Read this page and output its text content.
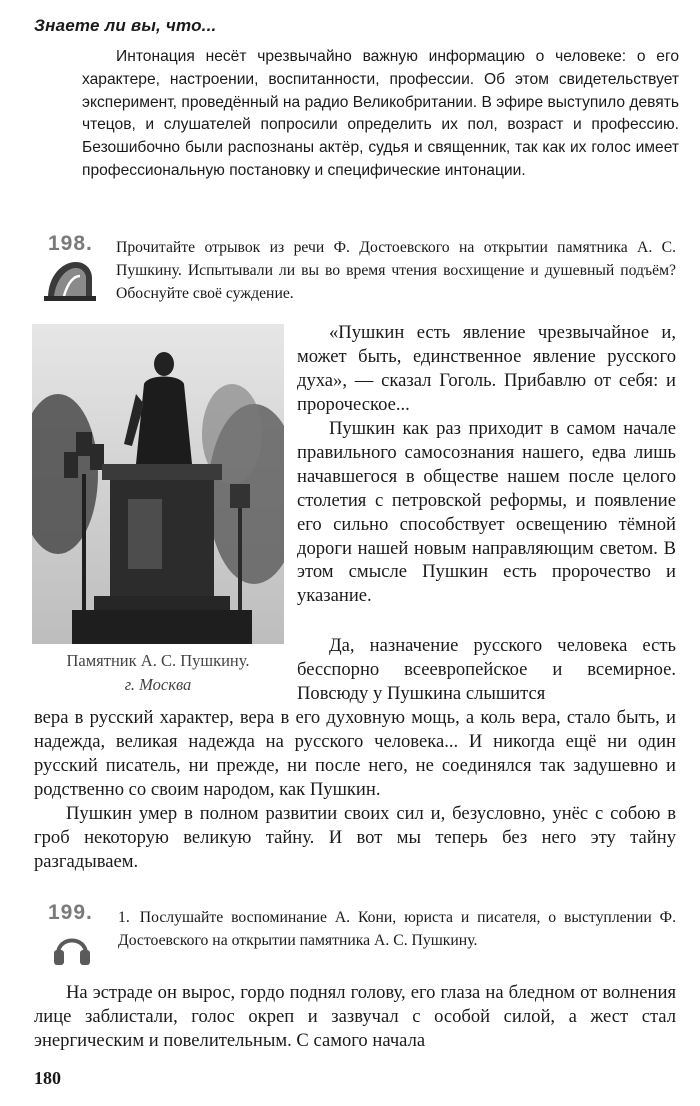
Знаете ли вы, что...

Интонация несёт чрезвычайно важную информацию о человеке: о его характере, настроении, воспитанности, профессии. Об этом свидетельствует эксперимент, проведённый на радио Великобритании. В эфире выступило девять чтецов, и слушателей попросили определить их пол, возраст и профессию. Безошибочно были распознаны актёр, судья и священник, так как их голос имеет профессиональную постановку и специфические интонации.

198. Прочитайте отрывок из речи Ф. Достоевского на открытии памятника А. С. Пушкину. Испытывали ли вы во время чтения восхищение и душевный подъём? Обоснуйте своё суждение.

Памятник А. С. Пушкину.
г. Москва

«Пушкин есть явление чрезвычайное и, может быть, единственное явление русского духа», — сказал Гоголь. Прибавлю от себя: и пророческое...

Пушкин как раз приходит в самом начале правильного самосознания нашего, едва лишь начавшегося в обществе нашем после целого столетия с петровской реформы, и появление его сильно способствует освещению тёмной дороги нашей новым направляющим светом. В этом смысле Пушкин есть пророчество и указание.

Да, назначение русского человека есть бесспорно всеевропейское и всемирное. Повсюду у Пушкина слышится

вера в русский характер, вера в его духовную мощь, а коль вера, стало быть, и надежда, великая надежда на русского человека... И никогда ещё ни один русский писатель, ни прежде, ни после него, не соединялся так задушевно и родственно со своим народом, как Пушкин.

Пушкин умер в полном развитии своих сил и, безусловно, унёс с собою в гроб некоторую великую тайну. И вот мы теперь без него эту тайну разгадываем.

199. 1. Послушайте воспоминание А. Кони, юриста и писателя, о выступлении Ф. Достоевского на открытии памятника А. С. Пушкину.

На эстраде он вырос, гордо поднял голову, его глаза на бледном от волнения лице заблистали, голос окреп и зазвучал с особой силой, а жест стал энергическим и повелительным. С самого начала

180
